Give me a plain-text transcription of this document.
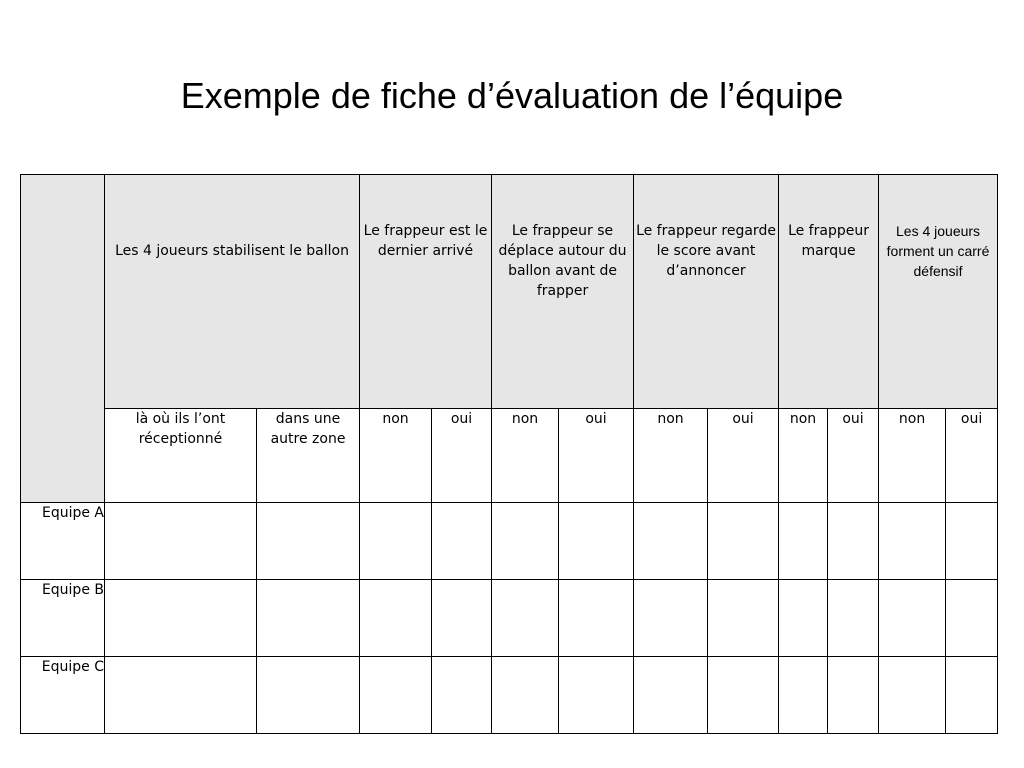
Exemple de fiche d’évaluation de l’équipe

	Les 4 joueurs stabilisent le ballon		Le frappeur est le dernier arrivé		Le frappeur se déplace autour du ballon avant de frapper		Le frappeur regarde le score avant d’annoncer		Le frappeur marque		Les 4 joueurs forment un carré défensif	

	là où ils l’ont réceptionné	dans une autre zone	non	oui	non	oui	non	oui	non	oui	non	oui
Equipe A												
Equipe B												
Equipe C												
